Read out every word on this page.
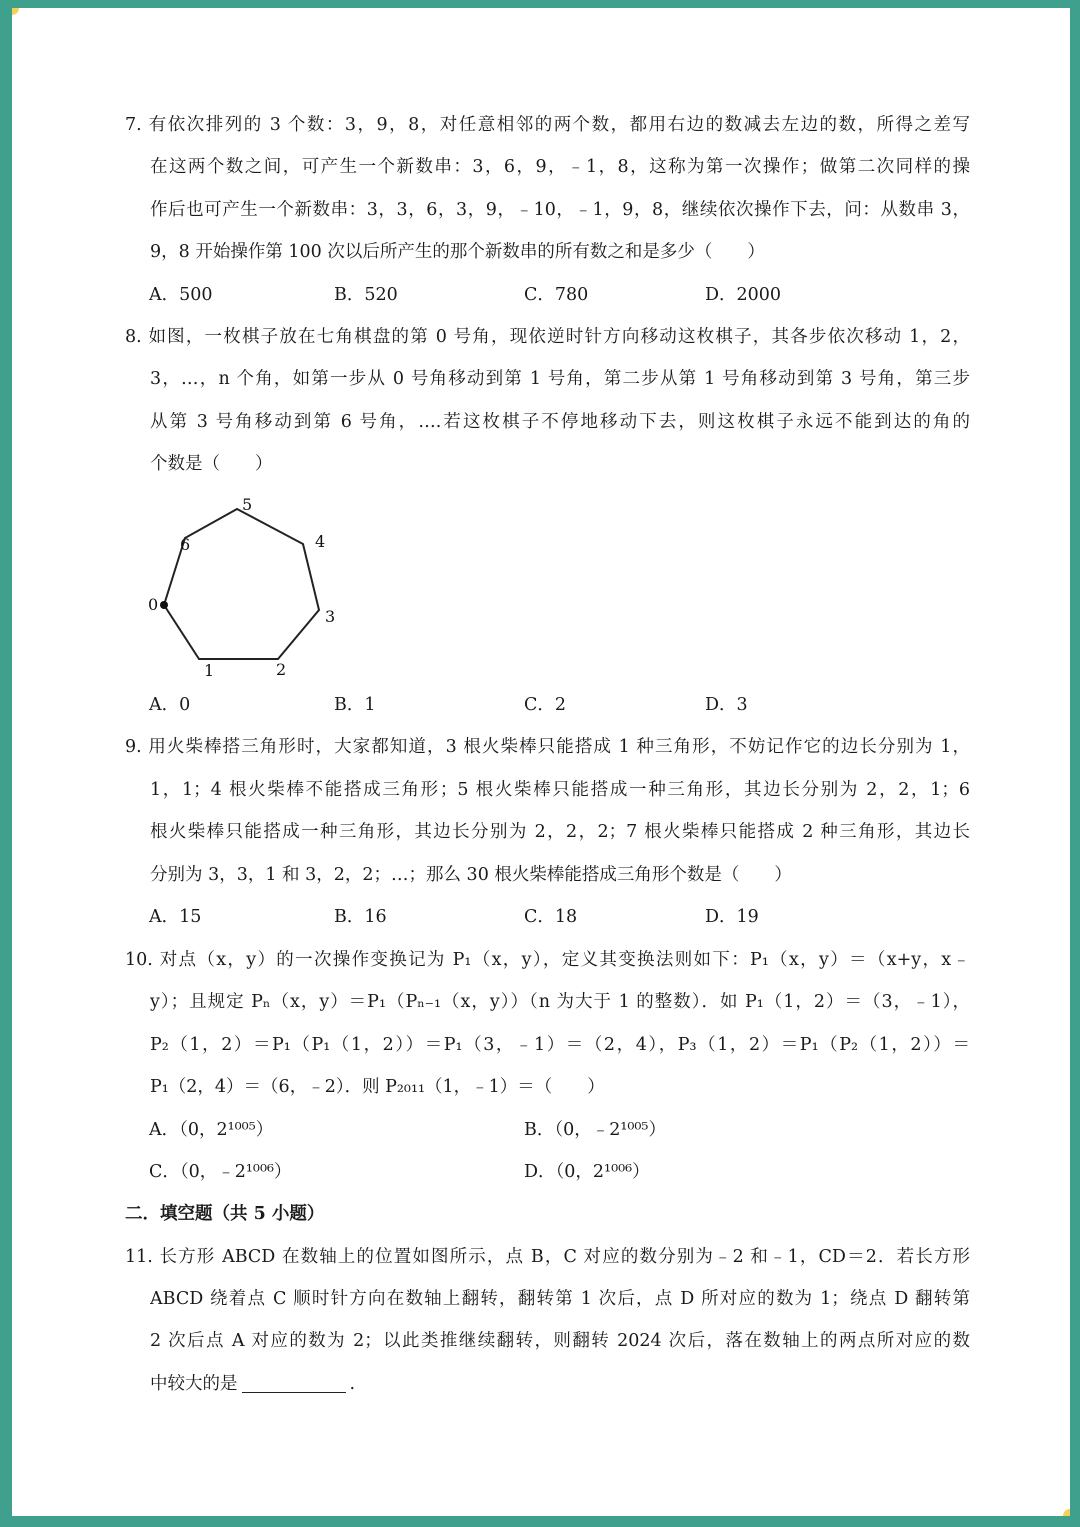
7. 有依次排列的 3 个数：3，9，8，对任意相邻的两个数，都用右边的数减去左边的数，所得之差写
在这两个数之间，可产生一个新数串：3，6，9，﹣1，8，这称为第一次操作；做第二次同样的操
作后也可产生一个新数串：3，3，6，3，9，﹣10，﹣1，9，8，继续依次操作下去，问：从数串 3，
9，8 开始操作第 100 次以后所产生的那个新数串的所有数之和是多少（　　）
A．500	B．520	C．780	D．2000
8. 如图，一枚棋子放在七角棋盘的第 0 号角，现依逆时针方向移动这枚棋子，其各步依次移动 1，2，
3，…，n 个角，如第一步从 0 号角移动到第 1 号角，第二步从第 1 号角移动到第 3 号角，第三步
从第 3 号角移动到第 6 号角，….若这枚棋子不停地移动下去，则这枚棋子永远不能到达的角的
个数是（　　）
0
1	2
3
4
5
6
A．0	B．1	C．2	D．3
9. 用火柴棒搭三角形时，大家都知道，3 根火柴棒只能搭成 1 种三角形，不妨记作它的边长分别为 1，
1，1；4 根火柴棒不能搭成三角形；5 根火柴棒只能搭成一种三角形，其边长分别为 2，2，1；6
根火柴棒只能搭成一种三角形，其边长分别为 2，2，2；7 根火柴棒只能搭成 2 种三角形，其边长
分别为 3，3，1 和 3，2，2；…；那么 30 根火柴棒能搭成三角形个数是（　　）
A．15	B．16	C．18	D．19
10. 对点（x，y）的一次操作变换记为 P₁（x，y），定义其变换法则如下：P₁（x，y）＝（x+y，x﹣
y）；且规定 Pₙ（x，y）＝P₁（Pₙ₋₁（x，y））（n 为大于 1 的整数）．如 P₁（1，2）＝（3，﹣1），
P₂（1，2）＝P₁（P₁（1，2））＝P₁（3，﹣1）＝（2，4），P₃（1，2）＝P₁（P₂（1，2））＝
P₁（2，4）＝（6，﹣2）．则 P₂₀₁₁（1，﹣1）＝（　　）
A．（0，2¹⁰⁰⁵）	B．（0，﹣2¹⁰⁰⁵）
C．（0，﹣2¹⁰⁰⁶）	D．（0，2¹⁰⁰⁶）
二．填空题（共 5 小题）
11. 长方形 ABCD 在数轴上的位置如图所示，点 B，C 对应的数分别为﹣2 和﹣1，CD＝2．若长方形
ABCD 绕着点 C 顺时针方向在数轴上翻转，翻转第 1 次后，点 D 所对应的数为 1；绕点 D 翻转第
2 次后点 A 对应的数为 2；以此类推继续翻转，则翻转 2024 次后，落在数轴上的两点所对应的数
中较大的是	.
